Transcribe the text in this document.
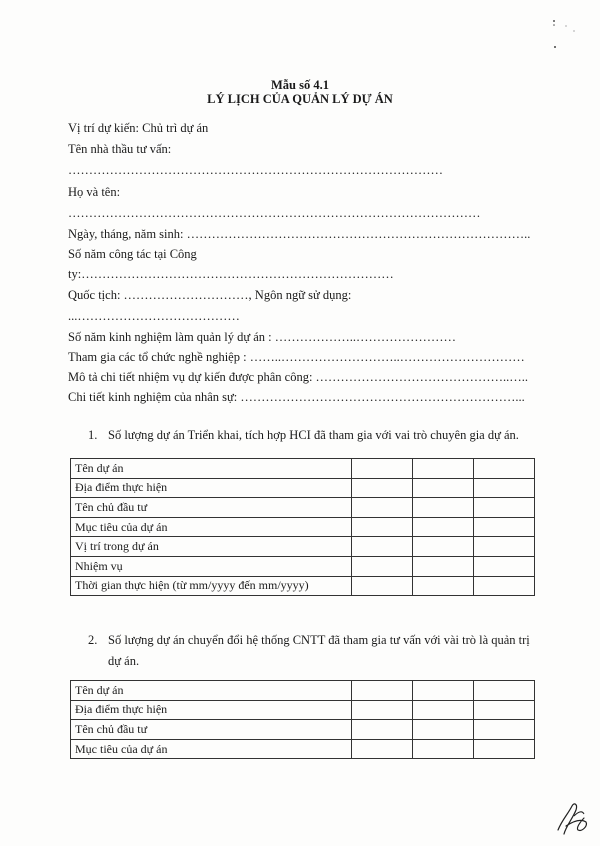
Mẫu số 4.1
LÝ LỊCH CỦA QUẢN LÝ DỰ ÁN
Vị trí dự kiến: Chủ trì dự án
Tên nhà thầu tư vấn:
………………………………………………………………………………
Họ và tên:
………………………………………………………………………………………
Ngày, tháng, năm sinh: ………………………………………………………………………..
Số năm công tác tại Công
ty:…………………………………………………………………
Quốc tịch: …………………………, Ngôn ngữ sử dụng:
...…………………………………
Số năm kinh nghiệm làm quản lý dự án : ………………..……………………
Tham gia các tổ chức nghề nghiệp : ……..………………………..…………………………
Mô tả chi tiết nhiệm vụ dự kiến được phân công: ………………………………………..…..
Chi tiết kinh nghiệm của nhân sự: …………………………………………………………...
1. Số lượng dự án Triển khai, tích hợp HCI đã tham gia với vai trò chuyên gia dự án.
Tên dự án			
Địa điểm thực hiện			
Tên chủ đầu tư			
Mục tiêu của dự án			
Vị trí trong dự án			
Nhiệm vụ			
Thời gian thực hiện (từ mm/yyyy đến mm/yyyy)			
2. Số lượng dự án chuyển đổi hệ thống CNTT đã tham gia tư vấn với vài trò là quản trị
dự án.
Tên dự án			
Địa điểm thực hiện			
Tên chủ đầu tư			
Mục tiêu của dự án			
